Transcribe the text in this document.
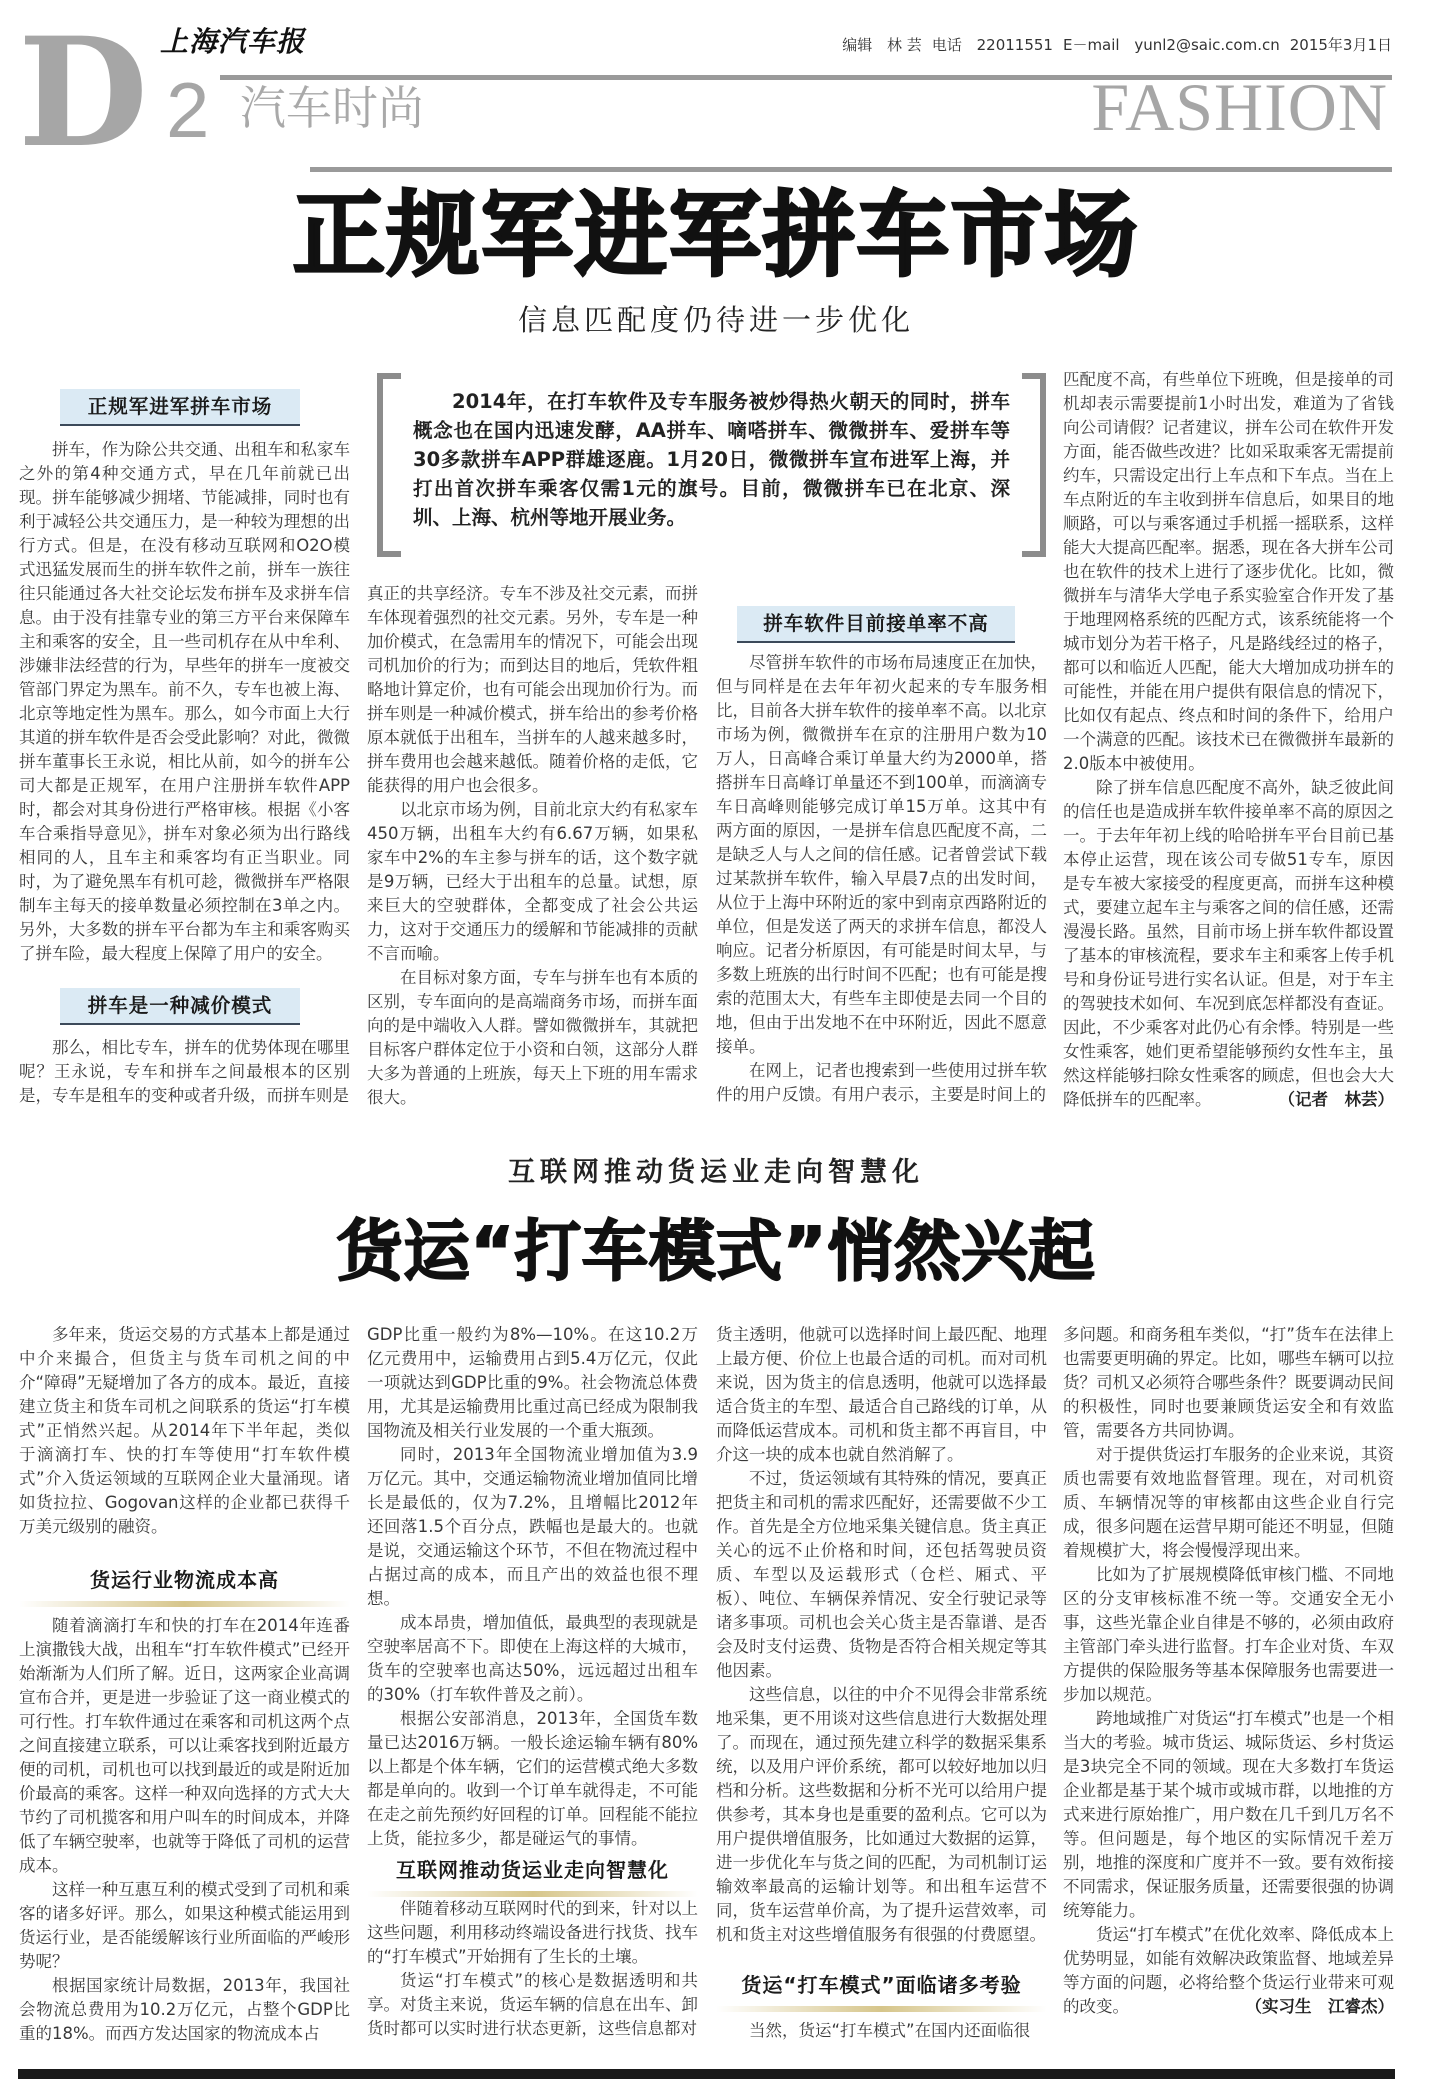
上海汽车报	编辑 林 芸 电话 22011551 E－mail yunl2@saic.com.cn 2015年3月1日
D 2 汽车时尚	FASHION
正规军进军拼车市场
信息匹配度仍待进一步优化
2014年，在打车软件及专车服务被炒得热火朝天的同时，拼车概念也在国内迅速发酵，AA拼车、嘀嗒拼车、微微拼车、爱拼车等30多款拼车APP群雄逐鹿。1月20日，微微拼车宣布进军上海，并打出首次拼车乘客仅需1元的旗号。目前，微微拼车已在北京、深圳、上海、杭州等地开展业务。
正规军进军拼车市场

拼车，作为除公共交通、出租车和私家车之外的第4种交通方式，早在几年前就已出现。拼车能够减少拥堵、节能减排，同时也有利于减轻公共交通压力，是一种较为理想的出行方式。但是，在没有移动互联网和O2O模式迅猛发展而生的拼车软件之前，拼车一族往往只能通过各大社交论坛发布拼车及求拼车信息。由于没有挂靠专业的第三方平台来保障车主和乘客的安全，且一些司机存在从中牟利、涉嫌非法经营的行为，早些年的拼车一度被交管部门界定为黑车。前不久，专车也被上海、北京等地定性为黑车。那么，如今市面上大行其道的拼车软件是否会受此影响？对此，微微拼车董事长王永说，相比从前，如今的拼车公司大都是正规军，在用户注册拼车软件APP时，都会对其身份进行严格审核。根据《小客车合乘指导意见》，拼车对象必须为出行路线相同的人，且车主和乘客均有正当职业。同时，为了避免黑车有机可趁，微微拼车严格限制车主每天的接单数量必须控制在3单之内。另外，大多数的拼车平台都为车主和乘客购买了拼车险，最大程度上保障了用户的安全。

拼车是一种减价模式

那么，相比专车，拼车的优势体现在哪里呢？王永说，专车和拼车之间最根本的区别是，专车是租车的变种或者升级，而拼车则是

真正的共享经济。专车不涉及社交元素，而拼车体现着强烈的社交元素。另外，专车是一种加价模式，在急需用车的情况下，可能会出现司机加价的行为；而到达目的地后，凭软件粗略地计算定价，也有可能会出现加价行为。而拼车则是一种减价模式，拼车给出的参考价格原本就低于出租车，当拼车的人越来越多时，拼车费用也会越来越低。随着价格的走低，它能获得的用户也会很多。

以北京市场为例，目前北京大约有私家车450万辆，出租车大约有6.67万辆，如果私家车中2%的车主参与拼车的话，这个数字就是9万辆，已经大于出租车的总量。试想，原来巨大的空驶群体，全都变成了社会公共运力，这对于交通压力的缓解和节能减排的贡献不言而喻。

在目标对象方面，专车与拼车也有本质的区别，专车面向的是高端商务市场，而拼车面向的是中端收入人群。譬如微微拼车，其就把目标客户群体定位于小资和白领，这部分人群大多为普通的上班族，每天上下班的用车需求很大。

拼车软件目前接单率不高

尽管拼车软件的市场布局速度正在加快，但与同样是在去年年初火起来的专车服务相比，目前各大拼车软件的接单率不高。以北京市场为例，微微拼车在京的注册用户数为10万人，日高峰合乘订单量大约为2000单，搭搭拼车日高峰订单量还不到100单，而滴滴专车日高峰则能够完成订单15万单。这其中有两方面的原因，一是拼车信息匹配度不高，二是缺乏人与人之间的信任感。记者曾尝试下载过某款拼车软件，输入早晨7点的出发时间，从位于上海中环附近的家中到南京西路附近的单位，但是发送了两天的求拼车信息，都没人响应。记者分析原因，有可能是时间太早，与多数上班族的出行时间不匹配；也有可能是搜索的范围太大，有些车主即使是去同一个目的地，但由于出发地不在中环附近，因此不愿意接单。

在网上，记者也搜索到一些使用过拼车软件的用户反馈。有用户表示，主要是时间上的

匹配度不高，有些单位下班晚，但是接单的司机却表示需要提前1小时出发，难道为了省钱向公司请假？记者建议，拼车公司在软件开发方面，能否做些改进？比如采取乘客无需提前约车，只需设定出行上车点和下车点。当在上车点附近的车主收到拼车信息后，如果目的地顺路，可以与乘客通过手机摇一摇联系，这样能大大提高匹配率。据悉，现在各大拼车公司也在软件的技术上进行了逐步优化。比如，微微拼车与清华大学电子系实验室合作开发了基于地理网格系统的匹配方式，该系统能将一个城市划分为若干格子，凡是路线经过的格子，都可以和临近人匹配，能大大增加成功拼车的可能性，并能在用户提供有限信息的情况下，比如仅有起点、终点和时间的条件下，给用户一个满意的匹配。该技术已在微微拼车最新的2.0版本中被使用。

除了拼车信息匹配度不高外，缺乏彼此间的信任也是造成拼车软件接单率不高的原因之一。于去年年初上线的哈哈拼车平台目前已基本停止运营，现在该公司专做51专车，原因是专车被大家接受的程度更高，而拼车这种模式，要建立起车主与乘客之间的信任感，还需漫漫长路。虽然，目前市场上拼车软件都设置了基本的审核流程，要求车主和乘客上传手机号和身份证号进行实名认证。但是，对于车主的驾驶技术如何、车况到底怎样都没有查证。因此，不少乘客对此仍心有余悸。特别是一些女性乘客，她们更希望能够预约女性车主，虽然这样能够扫除女性乘客的顾虑，但也会大大降低拼车的匹配率。	（记者　林芸）

互联网推动货运业走向智慧化
货运“打车模式”悄然兴起

多年来，货运交易的方式基本上都是通过中介来撮合，但货主与货车司机之间的中介“障碍”无疑增加了各方的成本。最近，直接建立货主和货车司机之间联系的货运“打车模式”正悄然兴起。从2014年下半年起，类似于滴滴打车、快的打车等使用“打车软件模式”介入货运领域的互联网企业大量涌现。诸如货拉拉、Gogovan这样的企业都已获得千万美元级别的融资。

货运行业物流成本高

随着滴滴打车和快的打车在2014年连番上演撒钱大战，出租车“打车软件模式”已经开始渐渐为人们所了解。近日，这两家企业高调宣布合并，更是进一步验证了这一商业模式的可行性。打车软件通过在乘客和司机这两个点之间直接建立联系，可以让乘客找到附近最方便的司机，司机也可以找到最近的或是附近加价最高的乘客。这样一种双向选择的方式大大节约了司机揽客和用户叫车的时间成本，并降低了车辆空驶率，也就等于降低了司机的运营成本。

这样一种互惠互利的模式受到了司机和乘客的诸多好评。那么，如果这种模式能运用到货运行业，是否能缓解该行业所面临的严峻形势呢？

根据国家统计局数据，2013年，我国社会物流总费用为10.2万亿元，占整个GDP比重的18%。而西方发达国家的物流成本占

GDP比重一般约为8%—10%。在这10.2万亿元费用中，运输费用占到5.4万亿元，仅此一项就达到GDP比重的9%。社会物流总体费用，尤其是运输费用比重过高已经成为限制我国物流及相关行业发展的一个重大瓶颈。

同时，2013年全国物流业增加值为3.9万亿元。其中，交通运输物流业增加值同比增长是最低的，仅为7.2%，且增幅比2012年还回落1.5个百分点，跌幅也是最大的。也就是说，交通运输这个环节，不但在物流过程中占据过高的成本，而且产出的效益也很不理想。

成本昂贵，增加值低，最典型的表现就是空驶率居高不下。即使在上海这样的大城市，货车的空驶率也高达50%，远远超过出租车的30%（打车软件普及之前）。

根据公安部消息，2013年，全国货车数量已达2016万辆。一般长途运输车辆有80%以上都是个体车辆，它们的运营模式绝大多数都是单向的。收到一个订单车就得走，不可能在走之前先预约好回程的订单。回程能不能拉上货，能拉多少，都是碰运气的事情。

互联网推动货运业走向智慧化

伴随着移动互联网时代的到来，针对以上这些问题，利用移动终端设备进行找货、找车的“打车模式”开始拥有了生长的土壤。

货运“打车模式”的核心是数据透明和共享。对货主来说，货运车辆的信息在出车、卸货时都可以实时进行状态更新，这些信息都对

货主透明，他就可以选择时间上最匹配、地理上最方便、价位上也最合适的司机。而对司机来说，因为货主的信息透明，他就可以选择最适合货主的车型、最适合自己路线的订单，从而降低运营成本。司机和货主都不再盲目，中介这一块的成本也就自然消解了。

不过，货运领域有其特殊的情况，要真正把货主和司机的需求匹配好，还需要做不少工作。首先是全方位地采集关键信息。货主真正关心的远不止价格和时间，还包括驾驶员资质、车型以及运载形式（仓栏、厢式、平板）、吨位、车辆保养情况、安全行驶记录等诸多事项。司机也会关心货主是否靠谱、是否会及时支付运费、货物是否符合相关规定等其他因素。

这些信息，以往的中介不见得会非常系统地采集，更不用谈对这些信息进行大数据处理了。而现在，通过预先建立科学的数据采集系统，以及用户评价系统，都可以较好地加以归档和分析。这些数据和分析不光可以给用户提供参考，其本身也是重要的盈利点。它可以为用户提供增值服务，比如通过大数据的运算，进一步优化车与货之间的匹配，为司机制订运输效率最高的运输计划等。和出租车运营不同，货车运营单价高，为了提升运营效率，司机和货主对这些增值服务有很强的付费愿望。

货运“打车模式”面临诸多考验

当然，货运“打车模式”在国内还面临很

多问题。和商务租车类似，“打”货车在法律上也需要更明确的界定。比如，哪些车辆可以拉货？司机又必须符合哪些条件？既要调动民间的积极性，同时也要兼顾货运安全和有效监管，需要各方共同协调。

对于提供货运打车服务的企业来说，其资质也需要有效地监督管理。现在，对司机资质、车辆情况等的审核都由这些企业自行完成，很多问题在运营早期可能还不明显，但随着规模扩大，将会慢慢浮现出来。

比如为了扩展规模降低审核门槛、不同地区的分支审核标准不统一等。交通安全无小事，这些光靠企业自律是不够的，必须由政府主管部门牵头进行监督。打车企业对货、车双方提供的保险服务等基本保障服务也需要进一步加以规范。

跨地域推广对货运“打车模式”也是一个相当大的考验。城市货运、城际货运、乡村货运是3块完全不同的领域。现在大多数打车货运企业都是基于某个城市或城市群，以地推的方式来进行原始推广，用户数在几千到几万名不等。但问题是，每个地区的实际情况千差万别，地推的深度和广度并不一致。要有效衔接不同需求，保证服务质量，还需要很强的协调统筹能力。

货运“打车模式”在优化效率、降低成本上优势明显，如能有效解决政策监督、地域差异等方面的问题，必将给整个货运行业带来可观的改变。	（实习生　江睿杰）
